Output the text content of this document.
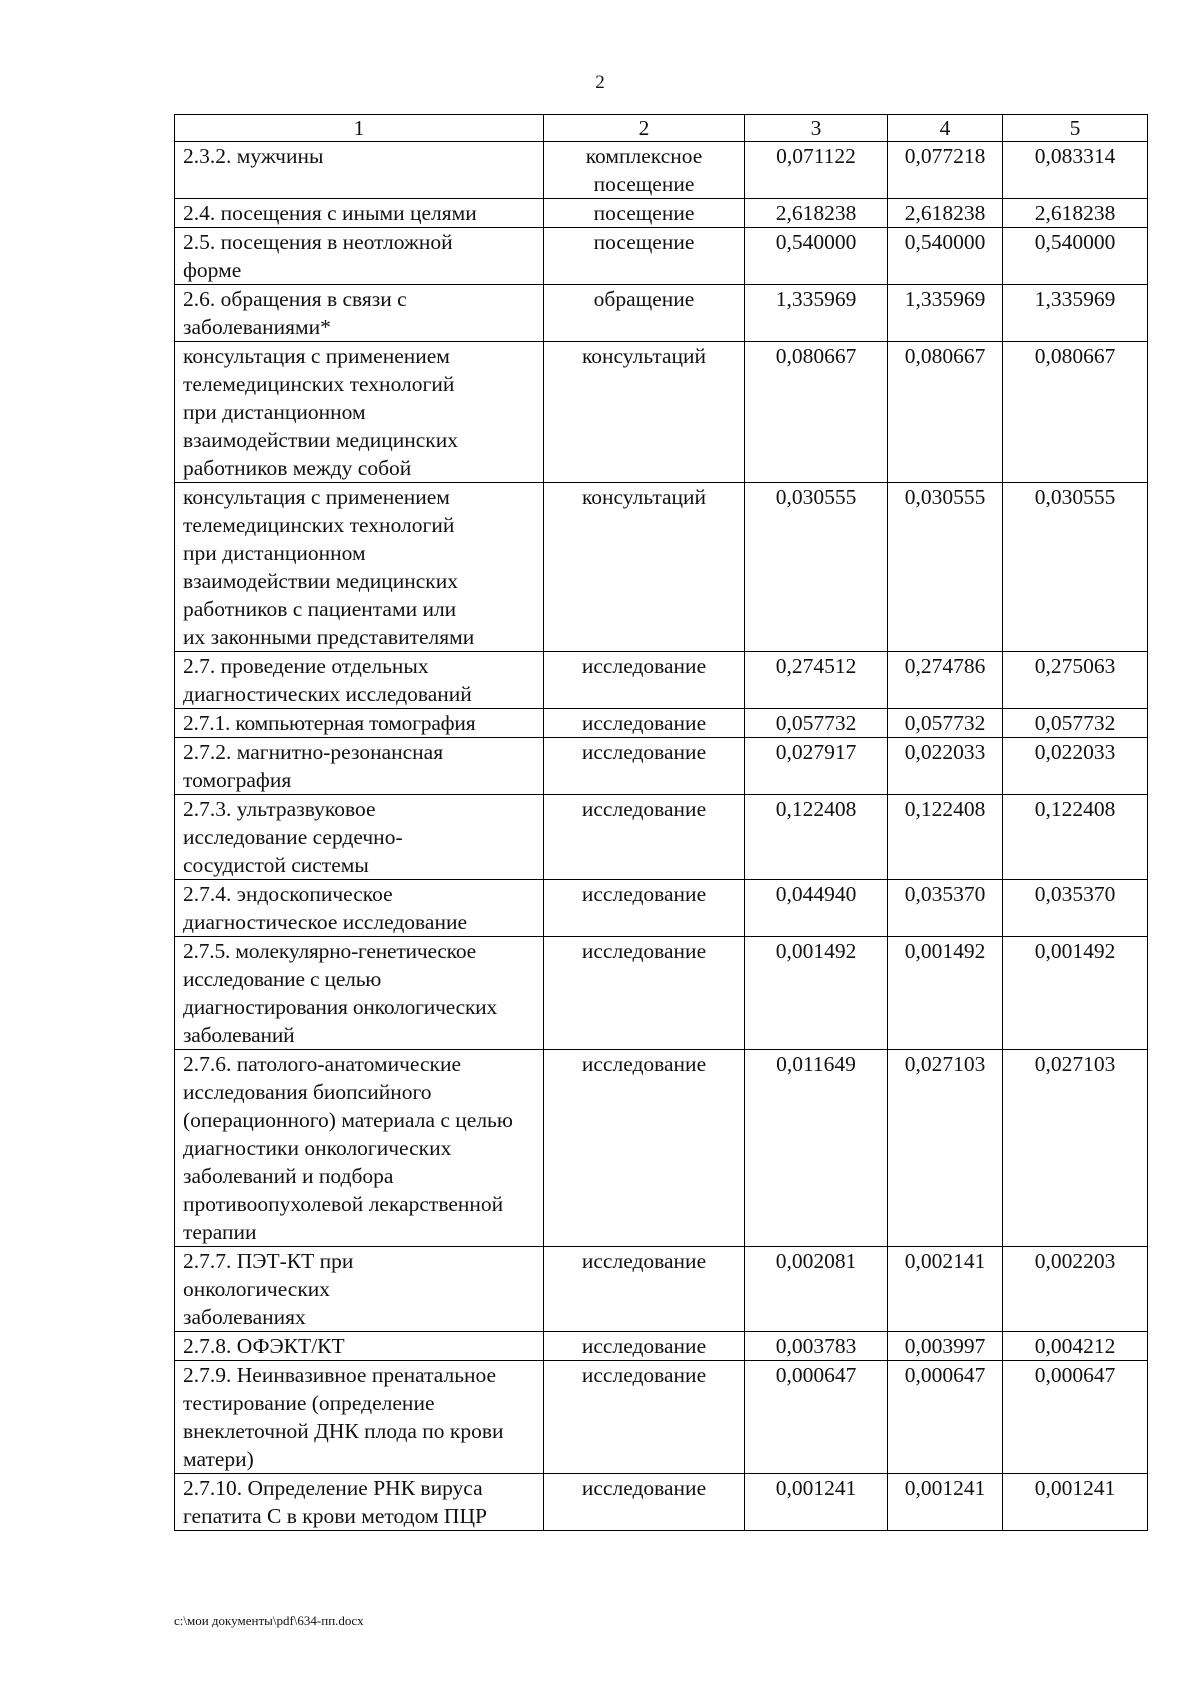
2
1	2	3	4	5
2.3.2. мужчины	комплексное посещение	0,071122	0,077218	0,083314
2.4. посещения с иными целями	посещение	2,618238	2,618238	2,618238
2.5. посещения в неотложной форме	посещение	0,540000	0,540000	0,540000
2.6. обращения в связи с заболеваниями*	обращение	1,335969	1,335969	1,335969
консультация с применением телемедицинских технологий при дистанционном взаимодействии медицинских работников между собой	консультаций	0,080667	0,080667	0,080667
консультация с применением телемедицинских технологий при дистанционном взаимодействии медицинских работников с пациентами или их законными представителями	консультаций	0,030555	0,030555	0,030555
2.7. проведение отдельных диагностических исследований	исследование	0,274512	0,274786	0,275063
2.7.1. компьютерная томография	исследование	0,057732	0,057732	0,057732
2.7.2. магнитно-резонансная томография	исследование	0,027917	0,022033	0,022033
2.7.3. ультразвуковое исследование сердечно-сосудистой системы	исследование	0,122408	0,122408	0,122408
2.7.4. эндоскопическое диагностическое исследование	исследование	0,044940	0,035370	0,035370
2.7.5. молекулярно-генетическое исследование с целью диагностирования онкологических заболеваний	исследование	0,001492	0,001492	0,001492
2.7.6. патолого-анатомические исследования биопсийного (операционного) материала с целью диагностики онкологических заболеваний и подбора противоопухолевой лекарственной терапии	исследование	0,011649	0,027103	0,027103
2.7.7. ПЭТ-КТ при онкологических заболеваниях	исследование	0,002081	0,002141	0,002203
2.7.8. ОФЭКТ/КТ	исследование	0,003783	0,003997	0,004212
2.7.9. Неинвазивное пренатальное тестирование (определение внеклеточной ДНК плода по крови матери)	исследование	0,000647	0,000647	0,000647
2.7.10. Определение РНК вируса гепатита С в крови методом ПЦР	исследование	0,001241	0,001241	0,001241
c:\мои документы\pdf\634-пп.docx
